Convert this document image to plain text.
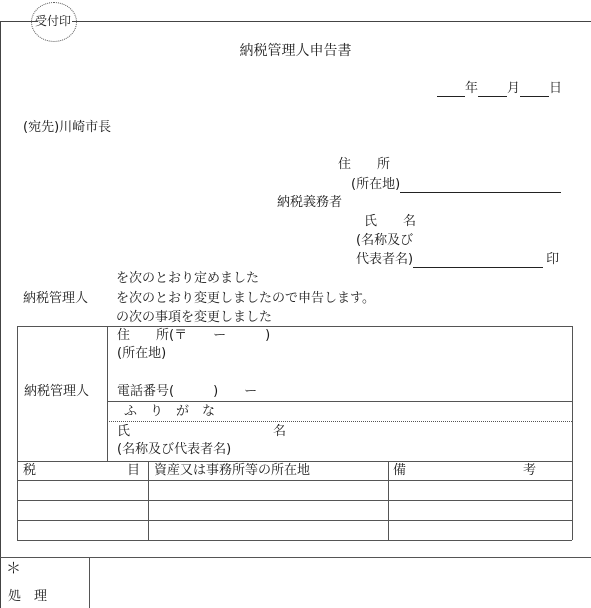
受付印
納税管理人申告書
年 月 日
(宛先)川崎市長
住　　所
(所在地)
納税義務者
氏　　名
(名称及び
代表者名)	印
を次のとおり定めました
納税管理人 を次のとおり変更しましたので申告します。
の次の事項を変更しました
納税管理人
住　　所(〒　　ー　　　)
(所在地)
電話番号(　　　)　　ー
ふ　り　が　な
氏　　　　　　　　　　　名
(名称及び代表者名)
税　　　　　　　目 資産又は事務所等の所在地	備　　　　　　　　　考
＊
処　理
